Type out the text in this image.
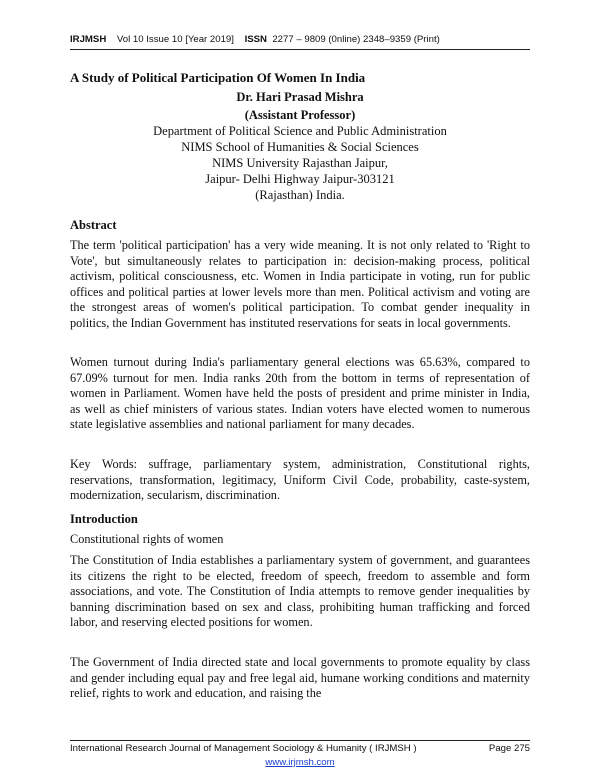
IRJMSH Vol 10 Issue 10 [Year 2019] ISSN 2277 – 9809 (0nline) 2348–9359 (Print)
A Study of Political Participation Of Women In India
Dr. Hari Prasad Mishra
(Assistant Professor)
Department of Political Science and Public Administration
NIMS School of Humanities & Social Sciences
NIMS University Rajasthan Jaipur,
Jaipur- Delhi Highway Jaipur-303121
(Rajasthan) India.
Abstract
The term 'political participation' has a very wide meaning. It is not only related to 'Right to Vote', but simultaneously relates to participation in: decision-making process, political activism, political consciousness, etc. Women in India participate in voting, run for public offices and political parties at lower levels more than men. Political activism and voting are the strongest areas of women's political participation. To combat gender inequality in politics, the Indian Government has instituted reservations for seats in local governments.
Women turnout during India's parliamentary general elections was 65.63%, compared to 67.09% turnout for men. India ranks 20th from the bottom in terms of representation of women in Parliament. Women have held the posts of president and prime minister in India, as well as chief ministers of various states. Indian voters have elected women to numerous state legislative assemblies and national parliament for many decades.
Key Words: suffrage, parliamentary system, administration, Constitutional rights, reservations, transformation, legitimacy, Uniform Civil Code, probability, caste-system, modernization, secularism, discrimination.
Introduction
Constitutional rights of women
The Constitution of India establishes a parliamentary system of government, and guarantees its citizens the right to be elected, freedom of speech, freedom to assemble and form associations, and vote. The Constitution of India attempts to remove gender inequalities by banning discrimination based on sex and class, prohibiting human trafficking and forced labor, and reserving elected positions for women.
The Government of India directed state and local governments to promote equality by class and gender including equal pay and free legal aid, humane working conditions and maternity relief, rights to work and education, and raising the
International Research Journal of Management Sociology & Humanity ( IRJMSH )	Page 275
www.irjmsh.com
